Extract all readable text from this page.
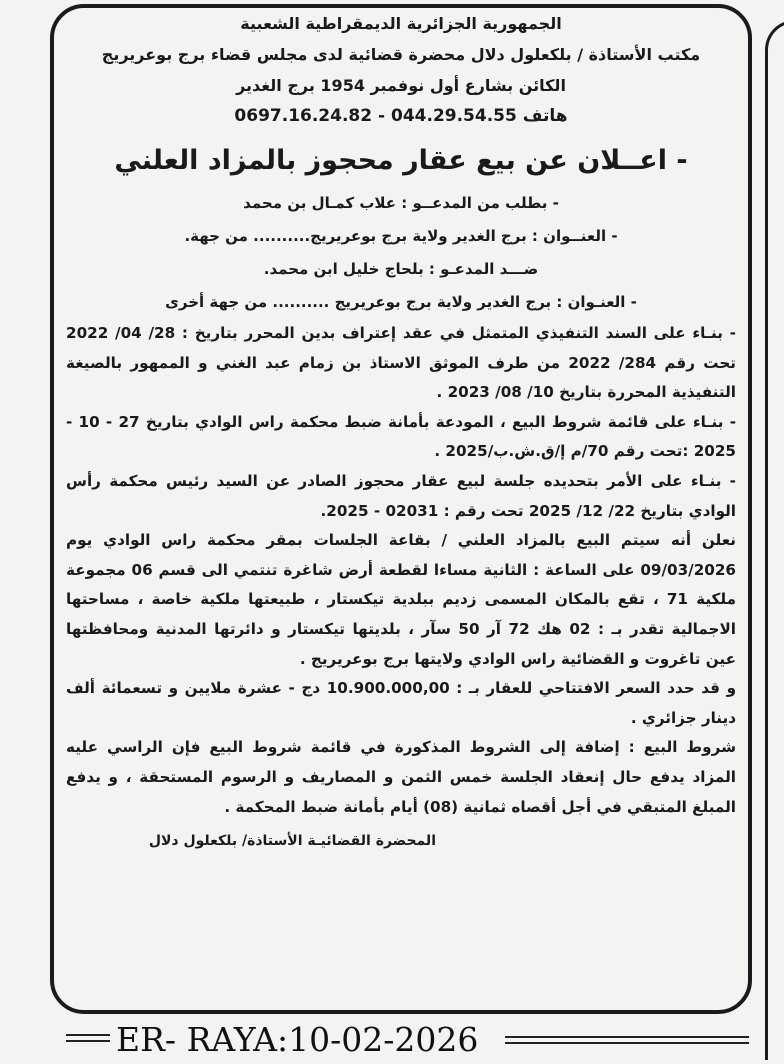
الجمهورية الجزائرية الديمقراطية الشعبية

مكتب الأستاذة / بلكعلول دلال محضرة قضائية لدى مجلس قضاء برج بوعريريج

الكائن بشارع أول نوفمبر 1954 برج الغدير

هاتف 044.29.54.55 - 0697.16.24.82

- اعــلان عن بيع عقار محجوز بالمزاد العلني

- بطلب من المدعــو : علاب كمـال بن محمد

- العنــوان : برج الغدير ولاية برج بوعريريج.......... من جهة.

ضـــد المدعـو : بلحاج خليل ابن محمد.

- العنـوان : برج الغدير ولاية برج بوعريريج .......... من جهة أخرى

- بنـاء على السند التنفيذي المتمثل في عقد إعتراف بدين المحرر بتاريخ : 28/ 04/ 2022 تحت رقم 284/ 2022 من طرف الموثق الاستاذ بن زمام عبد الغني و الممهور بالصيغة التنفيذية المحررة بتاريخ 10/ 08/ 2023 .

- بنـاء على قائمة شروط البيع ، المودعة بأمانة ضبط محكمة راس الوادي بتاريخ 27 - 10 - 2025 :تحت رقم 70/م إ/ق.ش.ب/2025 .

- بنـاء على الأمر بتحديده جلسة لبيع عقار محجوز الصادر عن السيد رئيس محكمة رأس الوادي بتاريخ 22/ 12/ 2025 تحت رقم : 02031 - 2025.

نعلن أنه سيتم البيع بالمزاد العلني / بقاعة الجلسات بمقر محكمة راس الوادي يوم 09/03/2026 على الساعة : الثانية مساءا لقطعة أرض شاغرة تنتمي الى قسم 06 مجموعة ملكية 71 ، تقع بالمكان المسمى زديم ببلدية تيكستار ، طبيعتها ملكية خاصة ، مساحتها الاجمالية تقدر بـ : 02 هك 72 آر 50 سآر ، بلديتها تيكستار و دائرتها المدنية ومحافظتها عين تاغروت و القضائية راس الوادي ولايتها برج بوعريريج .

و قد حدد السعر الافتتاحي للعقار بـ : 10.900.000,00 دج - عشرة ملايين و تسعمائة ألف دينار جزائري .

شروط البيع : إضافة إلى الشروط المذكورة في قائمة شروط البيع فإن الراسي عليه المزاد يدفع حال إنعقاد الجلسة خمس الثمن و المصاريف و الرسوم المستحقة ، و يدفع المبلغ المتبقي في أجل أقصاه ثمانية (08) أيام بأمانة ضبط المحكمة .

المحضرة القضائيـة الأستاذة/ بلكعلول دلال

ER- RAYA:10-02-2026
